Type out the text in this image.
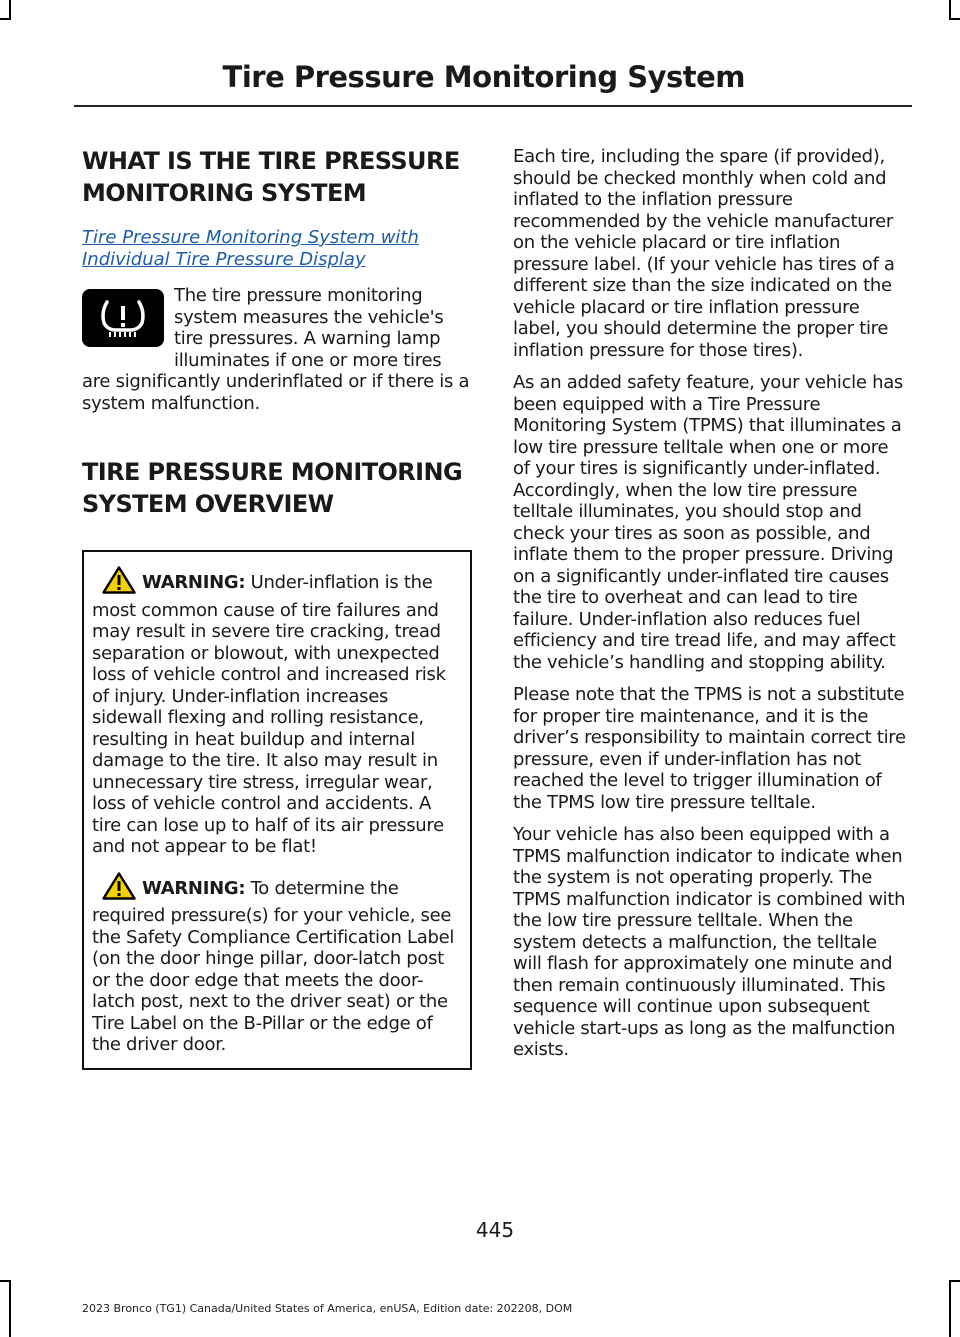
Tire Pressure Monitoring System
WHAT IS THE TIRE PRESSURE
MONITORING SYSTEM
Tire Pressure Monitoring System with
Individual Tire Pressure Display
The tire pressure monitoring system measures the vehicle's tire pressures. A warning lamp illuminates if one or more tires are significantly underinflated or if there is a system malfunction.
TIRE PRESSURE MONITORING
SYSTEM OVERVIEW

WARNING: Under-inflation is the most common cause of tire failures and may result in severe tire cracking, tread separation or blowout, with unexpected loss of vehicle control and increased risk of injury. Under-inflation increases sidewall flexing and rolling resistance, resulting in heat buildup and internal damage to the tire. It also may result in unnecessary tire stress, irregular wear, loss of vehicle control and accidents. A tire can lose up to half of its air pressure and not appear to be flat!

WARNING: To determine the required pressure(s) for your vehicle, see the Safety Compliance Certification Label (on the door hinge pillar, door-latch post or the door edge that meets the door-latch post, next to the driver seat) or the Tire Label on the B-Pillar or the edge of the driver door.

Each tire, including the spare (if provided), should be checked monthly when cold and inflated to the inflation pressure recommended by the vehicle manufacturer on the vehicle placard or tire inflation pressure label. (If your vehicle has tires of a different size than the size indicated on the vehicle placard or tire inflation pressure label, you should determine the proper tire inflation pressure for those tires).

As an added safety feature, your vehicle has been equipped with a Tire Pressure Monitoring System (TPMS) that illuminates a low tire pressure telltale when one or more of your tires is significantly under-inflated. Accordingly, when the low tire pressure telltale illuminates, you should stop and check your tires as soon as possible, and inflate them to the proper pressure. Driving on a significantly under-inflated tire causes the tire to overheat and can lead to tire failure. Under-inflation also reduces fuel efficiency and tire tread life, and may affect the vehicle’s handling and stopping ability.

Please note that the TPMS is not a substitute for proper tire maintenance, and it is the driver’s responsibility to maintain correct tire pressure, even if under-inflation has not reached the level to trigger illumination of the TPMS low tire pressure telltale.

Your vehicle has also been equipped with a TPMS malfunction indicator to indicate when the system is not operating properly. The TPMS malfunction indicator is combined with the low tire pressure telltale. When the system detects a malfunction, the telltale will flash for approximately one minute and then remain continuously illuminated. This sequence will continue upon subsequent vehicle start-ups as long as the malfunction exists.

445
2023 Bronco (TG1) Canada/United States of America, enUSA, Edition date: 202208, DOM
